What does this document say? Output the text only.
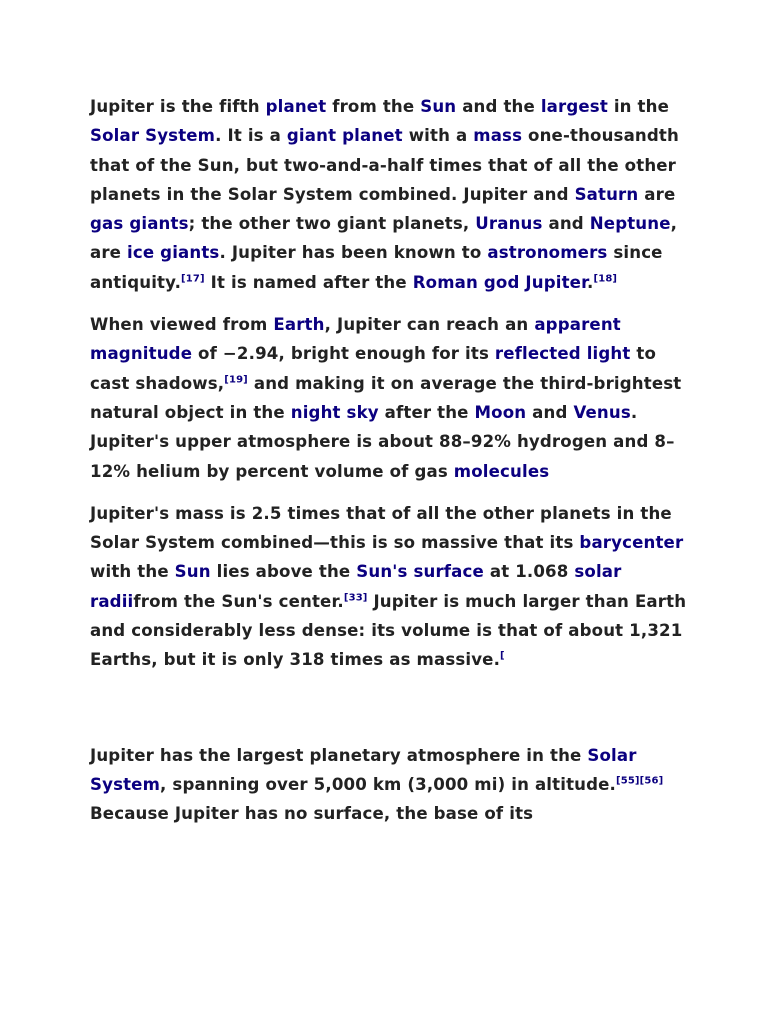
Jupiter is the fifth planet from the Sun and the largest in the Solar System. It is a giant planet with a mass one-thousandth that of the Sun, but two-and-a-half times that of all the other planets in the Solar System combined. Jupiter and Saturn are gas giants; the other two giant planets, Uranus and Neptune, are ice giants. Jupiter has been known to astronomers since antiquity.[17] It is named after the Roman god Jupiter.[18]

When viewed from Earth, Jupiter can reach an apparent magnitude of −2.94, bright enough for its reflected light to cast shadows,[19] and making it on average the third-brightest natural object in the night sky after the Moon and Venus. Jupiter's upper atmosphere is about 88–92% hydrogen and 8–12% helium by percent volume of gas molecules

Jupiter's mass is 2.5 times that of all the other planets in the Solar System combined—this is so massive that its barycenter with the Sun lies above the Sun's surface at 1.068 solar radiifrom the Sun's center.[33] Jupiter is much larger than Earth and considerably less dense: its volume is that of about 1,321 Earths, but it is only 318 times as massive.[

Jupiter has the largest planetary atmosphere in the Solar System, spanning over 5,000 km (3,000 mi) in altitude.[55][56] Because Jupiter has no surface, the base of its
